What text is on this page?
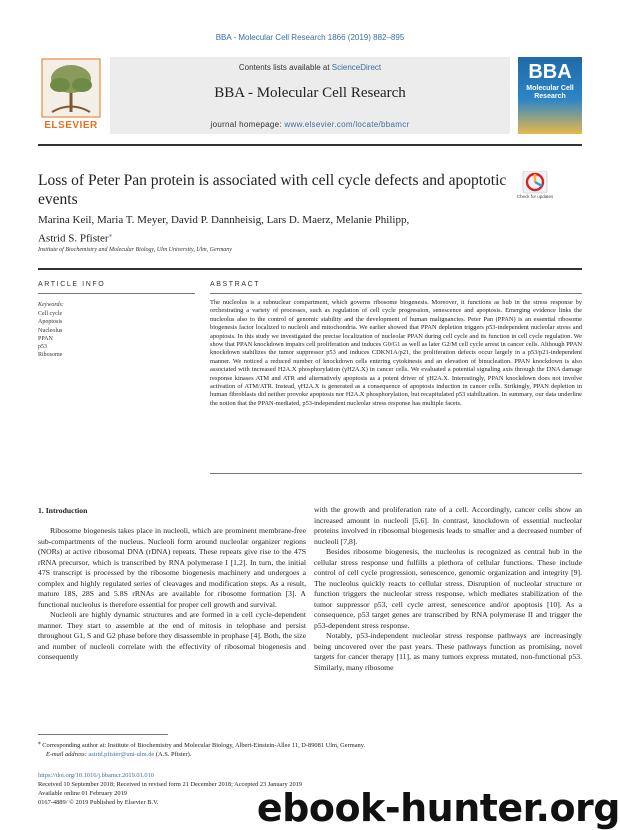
BBA - Molecular Cell Research 1866 (2019) 882–895
ELSEVIER
Contents lists available at ScienceDirect
BBA - Molecular Cell Research
journal homepage: www.elsevier.com/locate/bbamcr
BBA
Molecular Cell Research
Loss of Peter Pan protein is associated with cell cycle defects and apoptotic events	Check for updates
Marina Keil, Maria T. Meyer, David P. Dannheisig, Lars D. Maerz, Melanie Philipp,
Astrid S. Pfister⁎
Institute of Biochemistry and Molecular Biology, Ulm University, Ulm, Germany
ARTICLE INFO
Keywords:
Cell cycle
Apoptosis
Nucleolus
PPAN
p53
Ribosome
ABSTRACT
The nucleolus is a subnuclear compartment, which governs ribosome biogenesis. Moreover, it functions as hub in the stress response by orchestrating a variety of processes, such as regulation of cell cycle progression, senescence and apoptosis. Emerging evidence links the nucleolus also to the control of genomic stability and the development of human malignancies. Peter Pan (PPAN) is an essential ribosome biogenesis factor localized to nucleoli and mitochondria. We earlier showed that PPAN depletion triggers p53-independent nucleolar stress and apoptosis. In this study we investigated the precise localization of nucleolar PPAN during cell cycle and its function in cell cycle regulation. We show that PPAN knockdown impairs cell proliferation and induces G0/G1 as well as later G2/M cell cycle arrest in cancer cells. Although PPAN knockdown stabilizes the tumor suppressor p53 and induces CDKN1A/p21, the proliferation defects occur largely in a p53/p21-independent manner. We noticed a reduced number of knockdown cells entering cytokinesis and an elevation of binucleation. PPAN knockdown is also associated with increased H2A.X phosphorylation (γH2A.X) in cancer cells. We evaluated a potential signaling axis through the DNA damage response kinases ATM and ATR and alternatively apoptosis as a potent driver of γH2A.X. Interestingly, PPAN knockdown does not involve activation of ATM/ATR. Instead, γH2A.X is generated as a consequence of apoptosis induction in cancer cells. Strikingly, PPAN depletion in human fibroblasts did neither provoke apoptosis nor H2A.X phosphorylation, but recapitulated p53 stabilization. In summary, our data underline the notion that the PPAN-mediated, p53-independent nucleolar stress response has multiple facets.
1. Introduction

Ribosome biogenesis takes place in nucleoli, which are prominent membrane-free sub-compartments of the nucleus. Nucleoli form around nucleolar organizer regions (NORs) at active ribosomal DNA (rDNA) repeats. These repeats give rise to the 47S rRNA precursor, which is transcribed by RNA polymerase I [1,2]. In turn, the initial 47S transcript is processed by the ribosome biogenesis machinery and undergoes a complex and highly regulated series of cleavages and modification steps. As a result, mature 18S, 28S and 5.8S rRNAs are available for ribosome formation [3]. A functional nucleolus is therefore essential for proper cell growth and survival.

Nucleoli are highly dynamic structures and are formed in a cell cycle-dependent manner. They start to assemble at the end of mitosis in telophase and persist throughout G1, S and G2 phase before they disassemble in prophase [4]. Both, the size and number of nucleoli correlate with the effectivity of ribosomal biogenesis and consequently

with the growth and proliferation rate of a cell. Accordingly, cancer cells show an increased amount in nucleoli [5,6]. In contrast, knockdown of essential nucleolar proteins involved in ribosomal biogenesis leads to smaller and a decreased number of nucleoli [7,8].

Besides ribosome biogenesis, the nucleolus is recognized as central hub in the cellular stress response und fulfills a plethora of cellular functions. These include control of cell cycle progression, senescence, genomic organization and integrity [9]. The nucleolus quickly reacts to cellular stress. Disruption of nucleolar structure or function triggers the nucleolar stress response, which mediates stabilization of the tumor suppressor p53, cell cycle arrest, senescence and/or apoptosis [10]. As a consequence, p53 target genes are transcribed by RNA polymerase II and trigger the p53-dependent stress response.

Notably, p53-independent nucleolar stress response pathways are increasingly being uncovered over the past years. These pathways function as promising, novel targets for cancer therapy [11], as many tumors express mutated, non-functional p53. Similarly, many ribosome

⁎ Corresponding author at: Institute of Biochemistry and Molecular Biology, Albert-Einstein-Allee 11, D-89081 Ulm, Germany.
E-mail address: astrid.pfister@uni-ulm.de (A.S. Pfister).
https://doi.org/10.1016/j.bbamcr.2019.01.010
Received 10 September 2018; Received in revised form 21 December 2018; Accepted 23 January 2019
Available online 01 February 2019
0167-4889/ © 2019 Published by Elsevier B.V.	ebook-hunter.org
